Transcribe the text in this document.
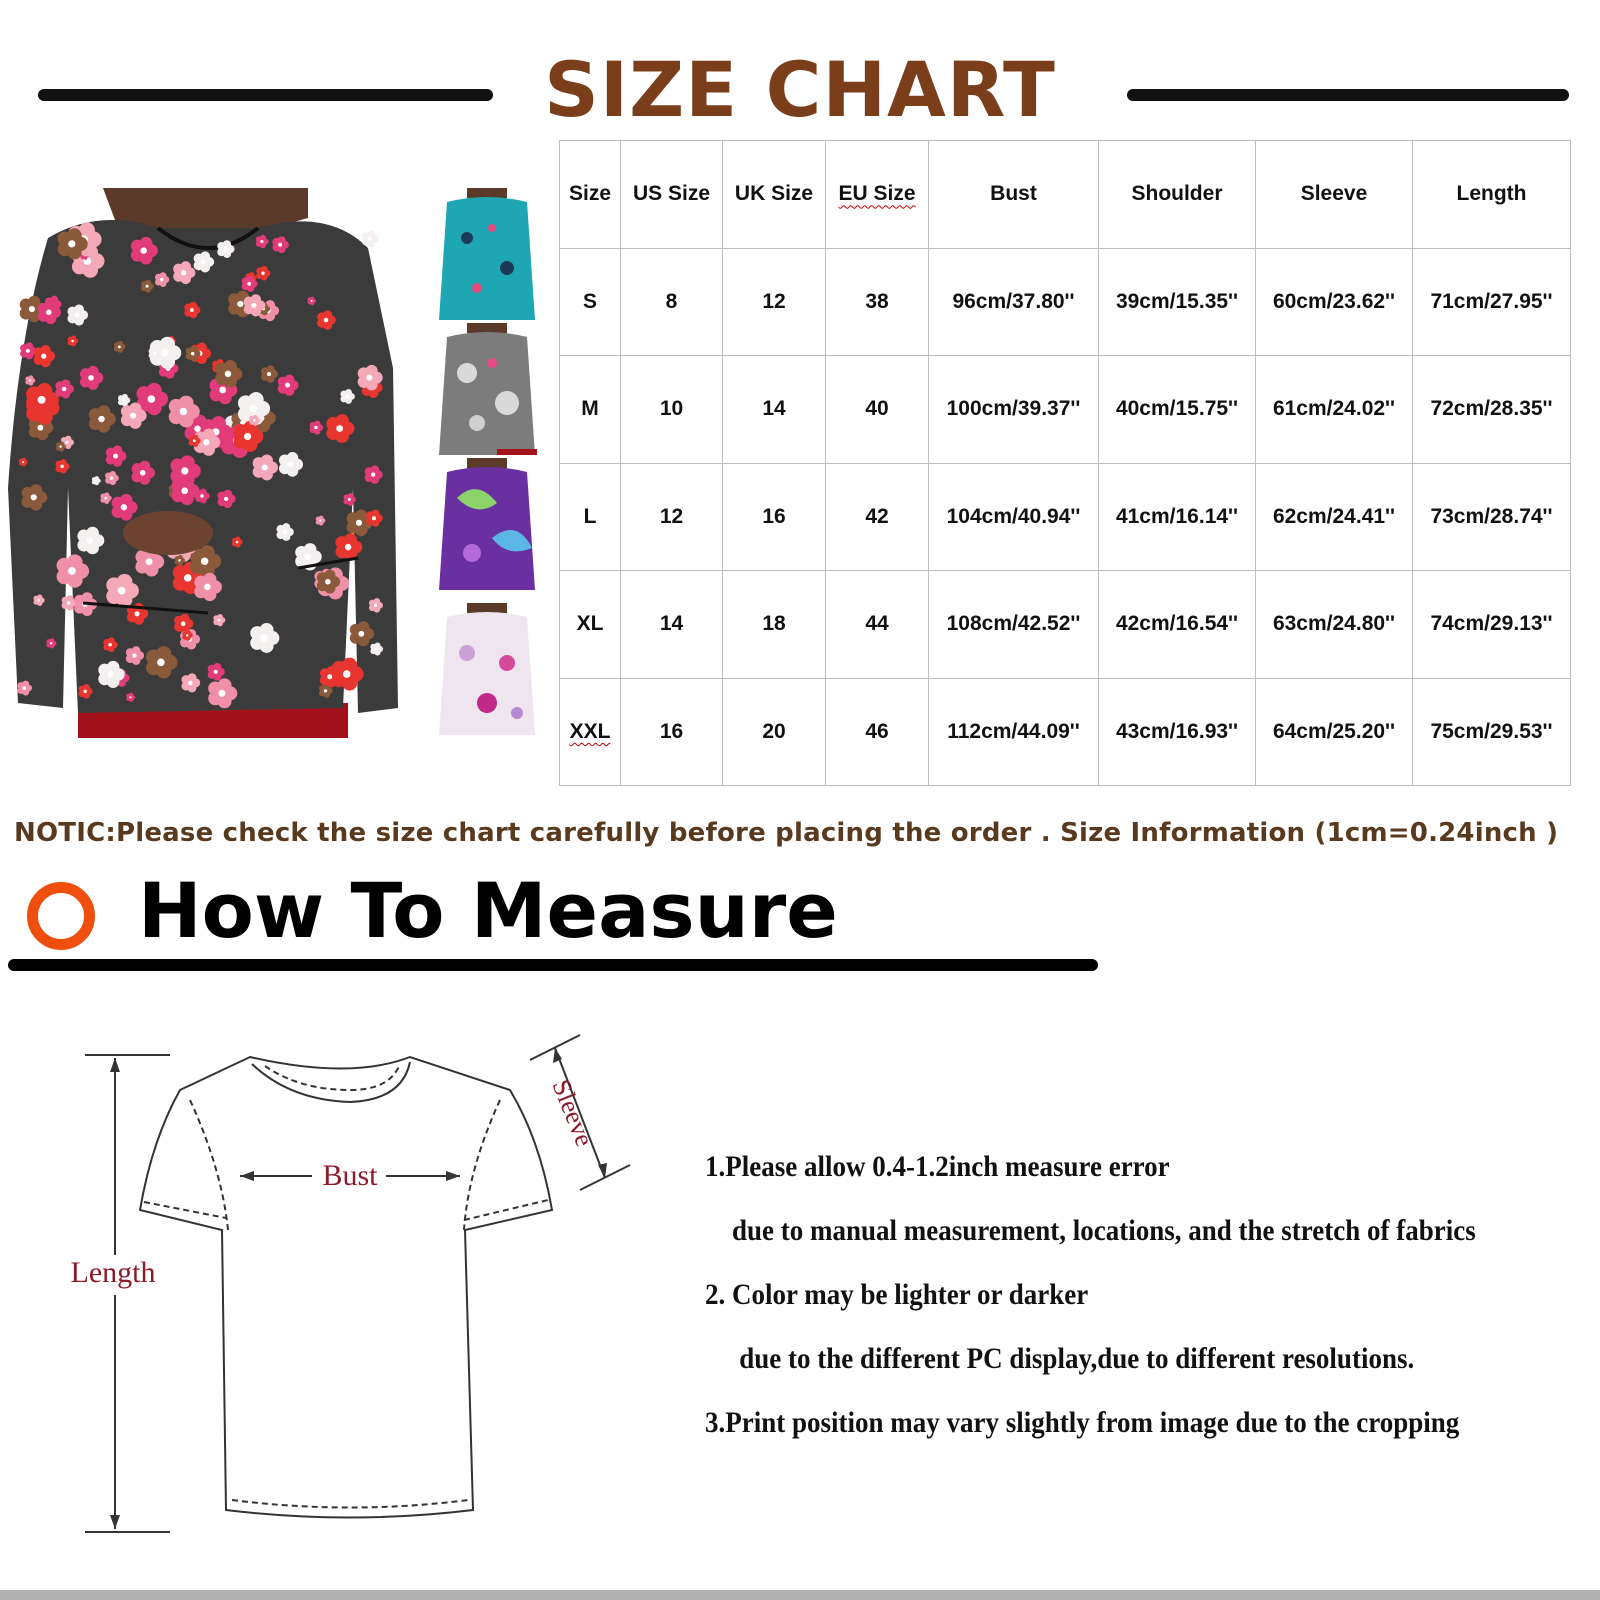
SIZE CHART
Size	US Size	UK Size	EU Size	Bust	Shoulder	Sleeve	Length
S	8	12	38	96cm/37.80''	39cm/15.35''	60cm/23.62''	71cm/27.95''
M	10	14	40	100cm/39.37''	40cm/15.75''	61cm/24.02''	72cm/28.35''
L	12	16	42	104cm/40.94''	41cm/16.14''	62cm/24.41''	73cm/28.74''
XL	14	18	44	108cm/42.52''	42cm/16.54''	63cm/24.80''	74cm/29.13''
XXL	16	20	46	112cm/44.09''	43cm/16.93''	64cm/25.20''	75cm/29.53''
NOTIC:Please check the size chart carefully before placing the order . Size Information (1cm=0.24inch )
How To Measure
Length
Bust
Sleeve
1.Please allow 0.4-1.2inch measure error
due to manual measurement, locations, and the stretch of fabrics
2. Color may be lighter or darker
due to the different PC display,due to different resolutions.
3.Print position may vary slightly from image due to the cropping
